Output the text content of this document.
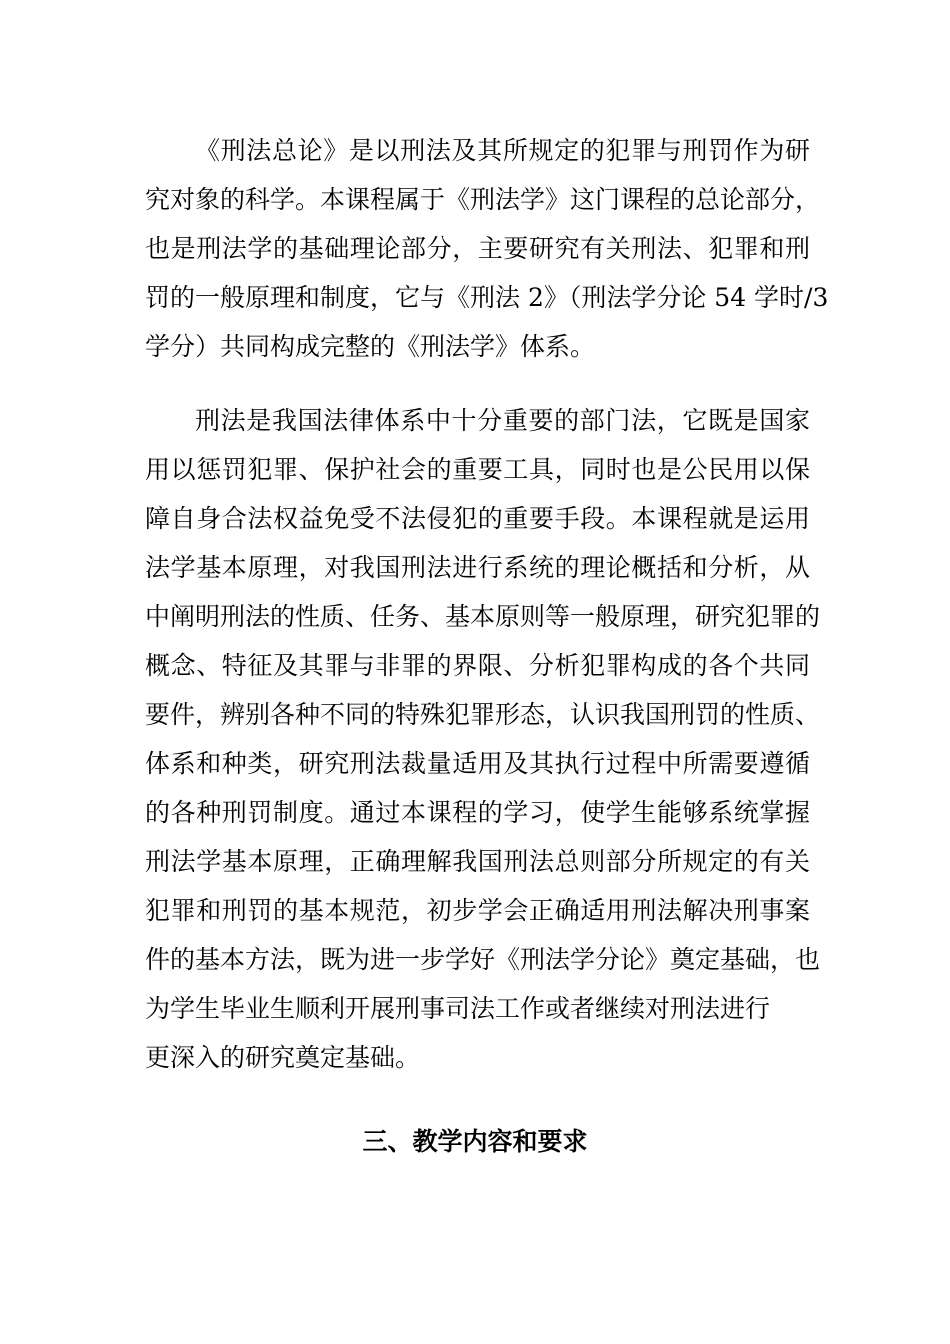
《刑法总论》是以刑法及其所规定的犯罪与刑罚作为研
究对象的科学。本课程属于《刑法学》这门课程的总论部分，
也是刑法学的基础理论部分，主要研究有关刑法、犯罪和刑
罚的一般原理和制度，它与《刑法 2》（刑法学分论 54 学时/3
学分）共同构成完整的《刑法学》体系。

刑法是我国法律体系中十分重要的部门法，它既是国家
用以惩罚犯罪、保护社会的重要工具，同时也是公民用以保
障自身合法权益免受不法侵犯的重要手段。本课程就是运用
法学基本原理，对我国刑法进行系统的理论概括和分析，从
中阐明刑法的性质、任务、基本原则等一般原理，研究犯罪的
概念、特征及其罪与非罪的界限、分析犯罪构成的各个共同
要件，辨别各种不同的特殊犯罪形态，认识我国刑罚的性质、
体系和种类，研究刑法裁量适用及其执行过程中所需要遵循
的各种刑罚制度。通过本课程的学习，使学生能够系统掌握
刑法学基本原理，正确理解我国刑法总则部分所规定的有关
犯罪和刑罚的基本规范，初步学会正确适用刑法解决刑事案
件的基本方法，既为进一步学好《刑法学分论》奠定基础，也
为学生毕业生顺利开展刑事司法工作或者继续对刑法进行
更深入的研究奠定基础。

三、教学内容和要求
